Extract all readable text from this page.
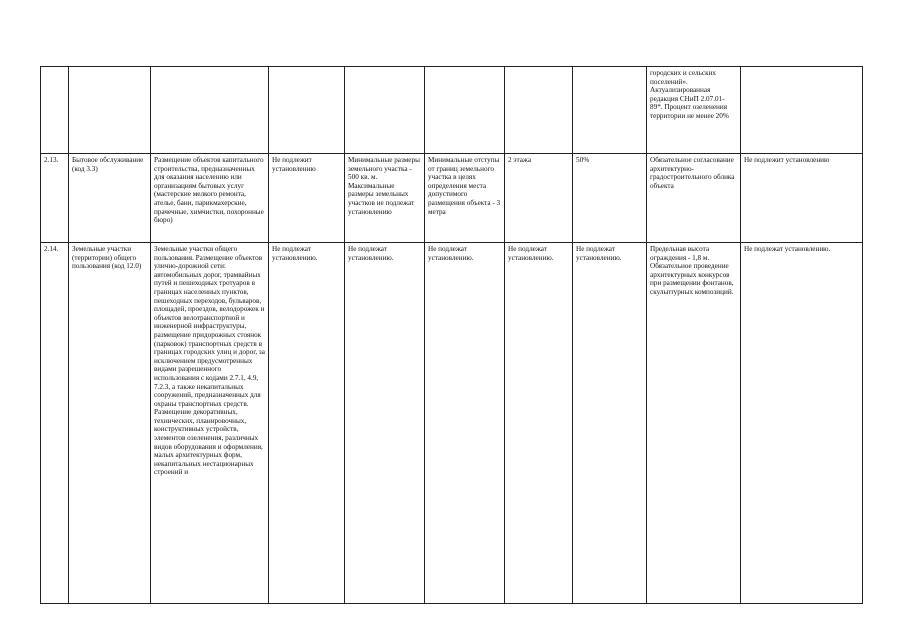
								городских и сельских поселений». Актуализированная редакция СНиП 2.07.01-89*. Процент озеленения территории не менее 20%	
2.13.	Бытовое обслуживание (код 3.3)	Размещение объектов капитального строительства, предназначенных для оказания населению или организациям бытовых услуг (мастерские мелкого ремонта, ателье, бани, парикмахерские, прачечные, химчистки, похоронные бюро)	Не подлежит установлению	Минимальные размеры земельного участка - 500 кв. м. Максимальные размеры земельных участков не подлежат установлению	Минимальные отступы от границ земельного участка в целях определения места допустимого размещения объекта - 3 метра	2 этажа	50%	Обязательное согласование архитектурно-градостроительного облика объекта	Не подлежит установлению
2.14.	Земельные участки (территории) общего пользования (код 12.0)	Земельные участки общего пользования. Размещение объектов улично-дорожной сети: автомобильных дорог, трамвайных путей и пешеходных тротуаров в границах населенных пунктов, пешеходных переходов, бульваров, площадей, проездов, велодорожек и объектов велотранспортной и инженерной инфраструктуры, размещение придорожных стоянок (парковок) транспортных средств в границах городских улиц и дорог, за исключением предусмотренных видами разрешенного использования с кодами 2.7.1, 4.9, 7.2.3, а также некапитальных сооружений, предназначенных для охраны транспортных средств. Размещение декоративных, технических, планировочных, конструктивных устройств, элементов озеленения, различных видов оборудования и оформления, малых архитектурных форм, некапитальных нестационарных строений и	Не подлежат установлению.	Не подлежат установлению.	Не подлежат установлению.	Не подлежат установлению.	Не подлежат установлению.	Предельная высота ограждения - 1,8 м. Обязательное проведение архитектурных конкурсов при размещении фонтанов, скульптурных композиций.	Не подлежат установлению.
